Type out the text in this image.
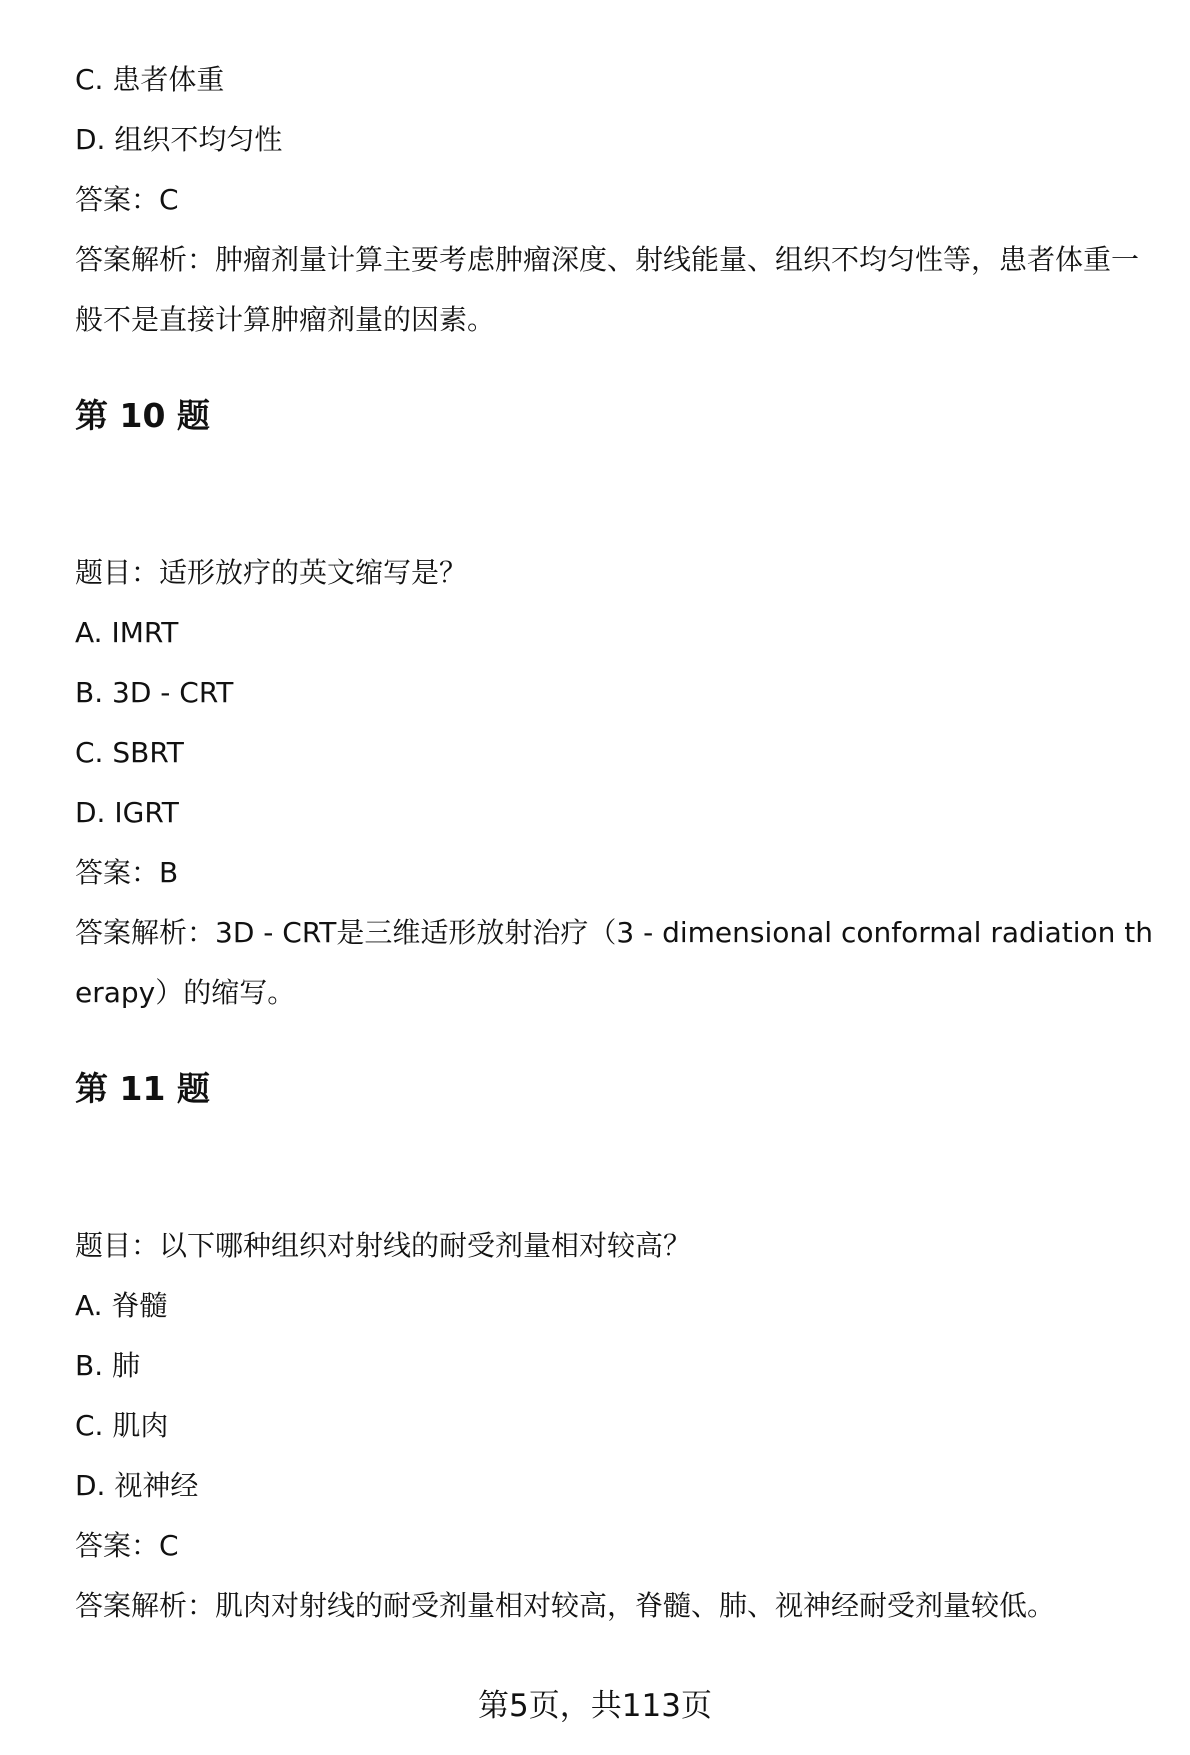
C. 患者体重

D. 组织不均匀性

答案：C

答案解析：肿瘤剂量计算主要考虑肿瘤深度、射线能量、组织不均匀性等，患者体重一般不是直接计算肿瘤剂量的因素。

第 10 题

题目：适形放疗的英文缩写是？

A. IMRT

B. 3D - CRT

C. SBRT

D. IGRT

答案：B

答案解析：3D - CRT是三维适形放射治疗（3 - dimensional conformal radiation therapy）的缩写。

第 11 题

题目：以下哪种组织对射线的耐受剂量相对较高？

A. 脊髓

B. 肺

C. 肌肉

D. 视神经

答案：C

答案解析：肌肉对射线的耐受剂量相对较高，脊髓、肺、视神经耐受剂量较低。

第5页，共113页
